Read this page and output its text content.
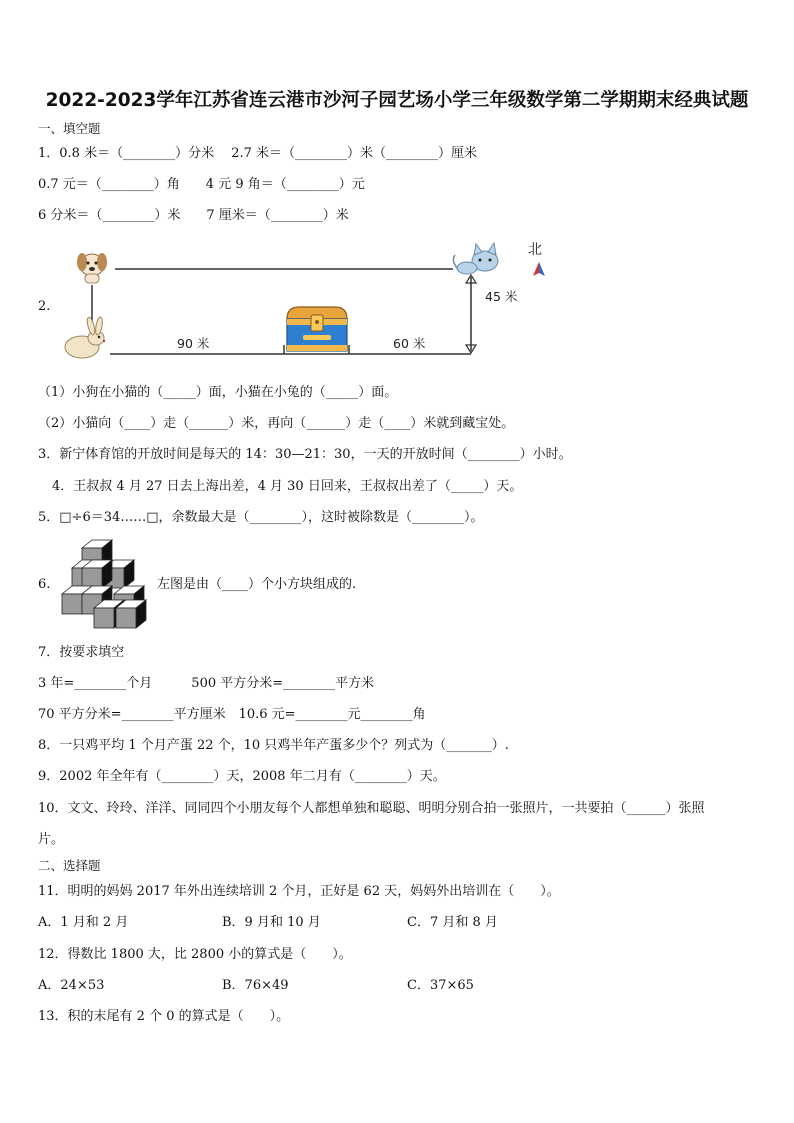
2022-2023学年江苏省连云港市沙河子园艺场小学三年级数学第二学期期末经典试题
一、填空题
1．0.8 米＝（________）分米　 2.7 米＝（________）米（________）厘米
0.7 元＝（________）角　　4 元 9 角＝（________）元
6 分米＝（________）米　　7 厘米＝（________）米
2.
北
45 米
90 米	60 米
（1）小狗在小猫的（_____）面，小猫在小兔的（_____）面。
（2）小猫向（____）走（______）米，再向（______）走（____）米就到藏宝处。
3．新宁体育馆的开放时间是每天的 14：30—21：30，一天的开放时间（________）小时。
4．王叔叔 4 月 27 日去上海出差，4 月 30 日回来，王叔叔出差了（_____）天。
5．□÷6＝34……□，余数最大是（________），这时被除数是（________）。
6.	左图是由（____）个小方块组成的.
7．按要求填空
3 年=________个月　　　500 平方分米=________平方米
70 平方分米=________平方厘米　10.6 元=________元________角
8．一只鸡平均 1 个月产蛋 22 个，10 只鸡半年产蛋多少个？列式为（_______）.
9．2002 年全年有（________）天，2008 年二月有（________）天。
10．文文、玲玲、洋洋、同同四个小朋友每个人都想单独和聪聪、明明分别合拍一张照片，一共要拍（______）张照
片。
二、选择题
11．明明的妈妈 2017 年外出连续培训 2 个月，正好是 62 天，妈妈外出培训在（　　）。
A．1 月和 2 月	B．9 月和 10 月	C．7 月和 8 月
12．得数比 1800 大，比 2800 小的算式是（　　）。
A．24×53	B．76×49	C．37×65
13．积的末尾有 2 个 0 的算式是（　　）。
